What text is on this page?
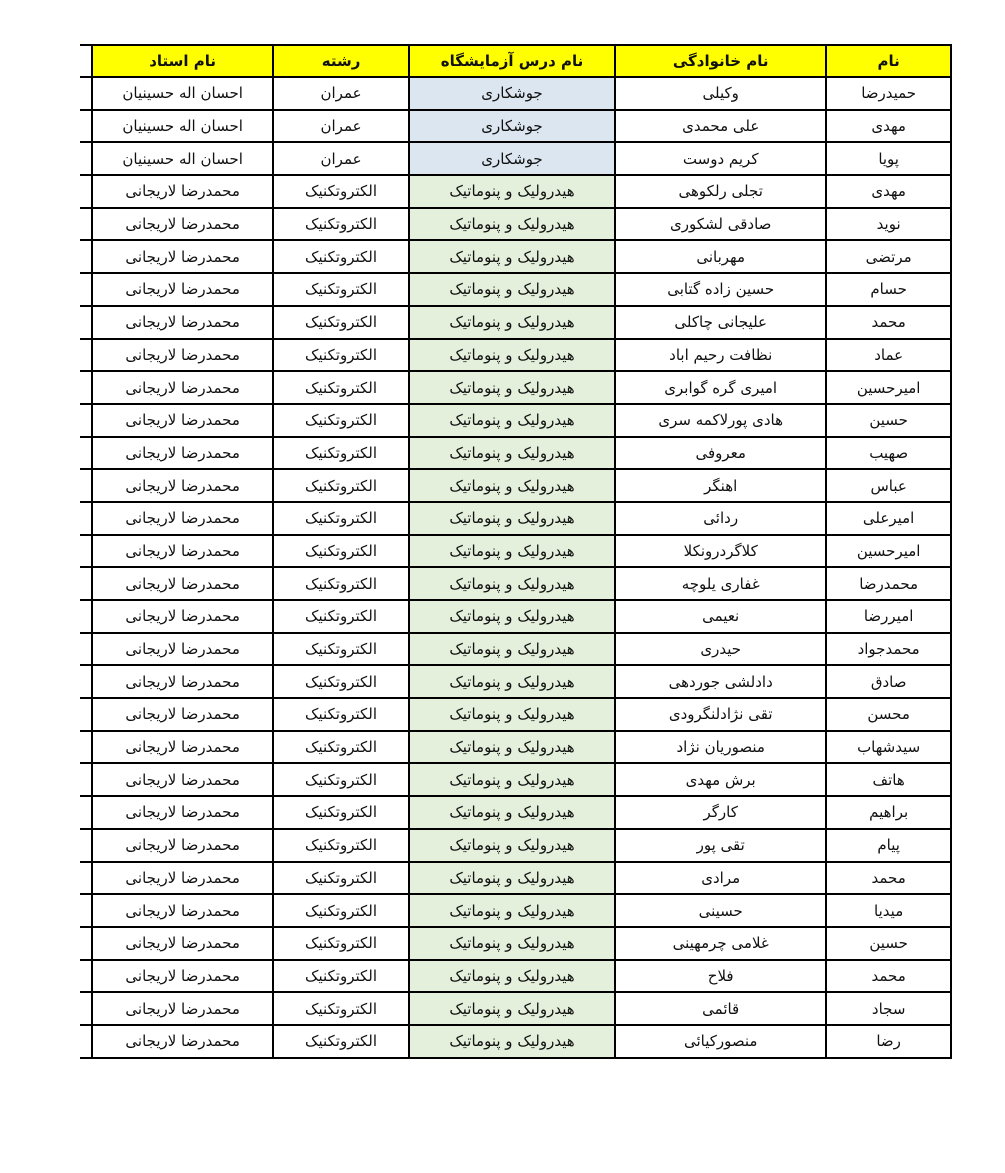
نام	نام خانوادگی	نام درس آزمایشگاه	رشته	نام استاد	
حمیدرضا	وکیلی	جوشکاری	عمران	احسان اله حسینیان	
مهدی	علی محمدی	جوشکاری	عمران	احسان اله حسینیان	
پویا	کریم دوست	جوشکاری	عمران	احسان اله حسینیان	
مهدی	تجلی رلکوهی	هیدرولیک و پنوماتیک	الکتروتکنیک	محمدرضا لاریجانی	
نوید	صادقی لشکوری	هیدرولیک و پنوماتیک	الکتروتکنیک	محمدرضا لاریجانی	
مرتضی	مهربانی	هیدرولیک و پنوماتیک	الکتروتکنیک	محمدرضا لاریجانی	
حسام	حسین زاده گتابی	هیدرولیک و پنوماتیک	الکتروتکنیک	محمدرضا لاریجانی	
محمد	علیجانی چاکلی	هیدرولیک و پنوماتیک	الکتروتکنیک	محمدرضا لاریجانی	
عماد	نظافت رحیم اباد	هیدرولیک و پنوماتیک	الکتروتکنیک	محمدرضا لاریجانی	
امیرحسین	امیری گره گوابری	هیدرولیک و پنوماتیک	الکتروتکنیک	محمدرضا لاریجانی	
حسین	هادی پورلاکمه سری	هیدرولیک و پنوماتیک	الکتروتکنیک	محمدرضا لاریجانی	
صهیب	معروفی	هیدرولیک و پنوماتیک	الکتروتکنیک	محمدرضا لاریجانی	
عباس	اهنگر	هیدرولیک و پنوماتیک	الکتروتکنیک	محمدرضا لاریجانی	
امیرعلی	ردائی	هیدرولیک و پنوماتیک	الکتروتکنیک	محمدرضا لاریجانی	
امیرحسین	کلاگردرونکلا	هیدرولیک و پنوماتیک	الکتروتکنیک	محمدرضا لاریجانی	
محمدرضا	غفاری یلوچه	هیدرولیک و پنوماتیک	الکتروتکنیک	محمدرضا لاریجانی	
امیررضا	نعیمی	هیدرولیک و پنوماتیک	الکتروتکنیک	محمدرضا لاریجانی	
محمدجواد	حیدری	هیدرولیک و پنوماتیک	الکتروتکنیک	محمدرضا لاریجانی	
صادق	دادلشی جوردهی	هیدرولیک و پنوماتیک	الکتروتکنیک	محمدرضا لاریجانی	
محسن	تقی نژادلنگرودی	هیدرولیک و پنوماتیک	الکتروتکنیک	محمدرضا لاریجانی	
سیدشهاب	منصوریان نژاد	هیدرولیک و پنوماتیک	الکتروتکنیک	محمدرضا لاریجانی	
هاتف	برش مهدی	هیدرولیک و پنوماتیک	الکتروتکنیک	محمدرضا لاریجانی	
براهیم	کارگر	هیدرولیک و پنوماتیک	الکتروتکنیک	محمدرضا لاریجانی	
پیام	تقی پور	هیدرولیک و پنوماتیک	الکتروتکنیک	محمدرضا لاریجانی	
محمد	مرادی	هیدرولیک و پنوماتیک	الکتروتکنیک	محمدرضا لاریجانی	
میدیا	حسینی	هیدرولیک و پنوماتیک	الکتروتکنیک	محمدرضا لاریجانی	
حسین	غلامی چرمهینی	هیدرولیک و پنوماتیک	الکتروتکنیک	محمدرضا لاریجانی	
محمد	فلاح	هیدرولیک و پنوماتیک	الکتروتکنیک	محمدرضا لاریجانی	
سجاد	قائمی	هیدرولیک و پنوماتیک	الکتروتکنیک	محمدرضا لاریجانی	
رضا	منصورکیائی	هیدرولیک و پنوماتیک	الکتروتکنیک	محمدرضا لاریجانی	
